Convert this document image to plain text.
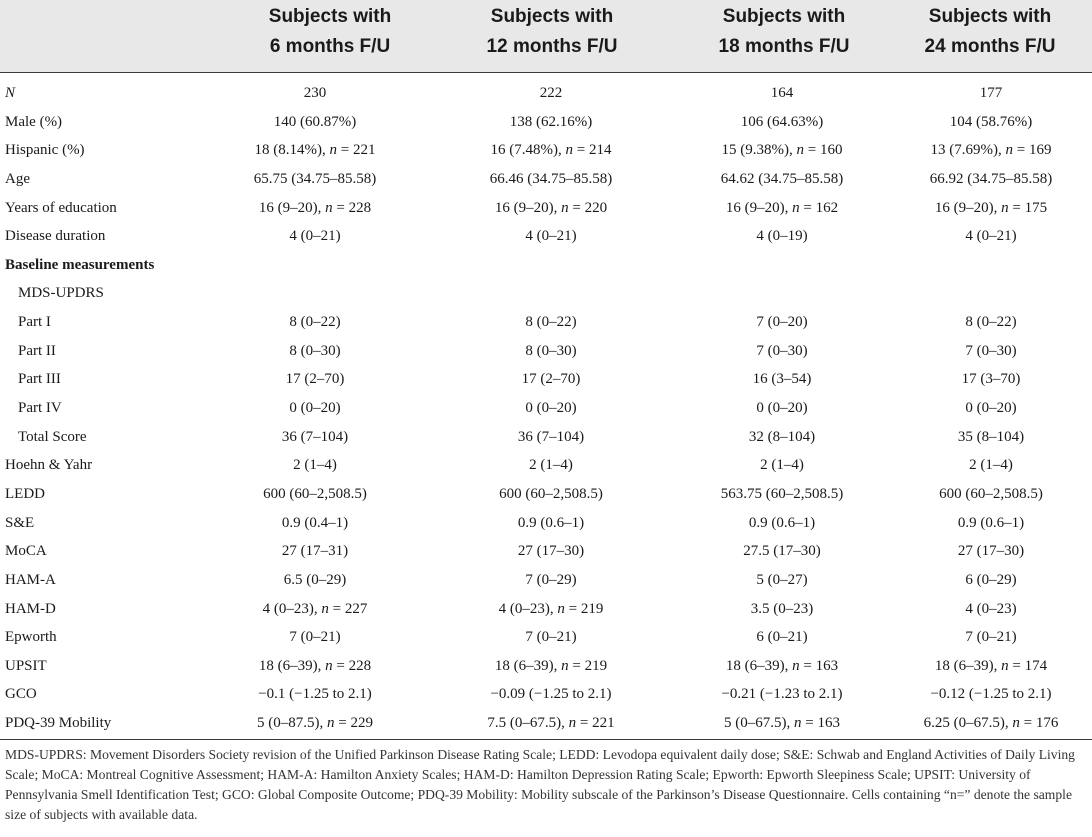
Subjects with
6 months F/U
Subjects with
12 months F/U
Subjects with
18 months F/U
Subjects with
24 months F/U
N	230	222	164	177
Male (%)	140 (60.87%)	138 (62.16%)	106 (64.63%)	104 (58.76%)
Hispanic (%)	18 (8.14%), n = 221	16 (7.48%), n = 214	15 (9.38%), n = 160	13 (7.69%), n = 169
Age	65.75 (34.75–85.58)	66.46 (34.75–85.58)	64.62 (34.75–85.58)	66.92 (34.75–85.58)
Years of education	16 (9–20), n = 228	16 (9–20), n = 220	16 (9–20), n = 162	16 (9–20), n = 175
Disease duration	4 (0–21)	4 (0–21)	4 (0–19)	4 (0–21)
Baseline measurements
MDS-UPDRS
Part I	8 (0–22)	8 (0–22)	7 (0–20)	8 (0–22)
Part II	8 (0–30)	8 (0–30)	7 (0–30)	7 (0–30)
Part III	17 (2–70)	17 (2–70)	16 (3–54)	17 (3–70)
Part IV	0 (0–20)	0 (0–20)	0 (0–20)	0 (0–20)
Total Score	36 (7–104)	36 (7–104)	32 (8–104)	35 (8–104)
Hoehn & Yahr	2 (1–4)	2 (1–4)	2 (1–4)	2 (1–4)
LEDD	600 (60–2,508.5)	600 (60–2,508.5)	563.75 (60–2,508.5)	600 (60–2,508.5)
S&E	0.9 (0.4–1)	0.9 (0.6–1)	0.9 (0.6–1)	0.9 (0.6–1)
MoCA	27 (17–31)	27 (17–30)	27.5 (17–30)	27 (17–30)
HAM-A	6.5 (0–29)	7 (0–29)	5 (0–27)	6 (0–29)
HAM-D	4 (0–23), n = 227	4 (0–23), n = 219	3.5 (0–23)	4 (0–23)
Epworth	7 (0–21)	7 (0–21)	6 (0–21)	7 (0–21)
UPSIT	18 (6–39), n = 228	18 (6–39), n = 219	18 (6–39), n = 163	18 (6–39), n = 174
GCO	−0.1 (−1.25 to 2.1)	−0.09 (−1.25 to 2.1)	−0.21 (−1.23 to 2.1)	−0.12 (−1.25 to 2.1)
PDQ-39 Mobility	5 (0–87.5), n = 229	7.5 (0–67.5), n = 221	5 (0–67.5), n = 163	6.25 (0–67.5), n = 176
MDS-UPDRS: Movement Disorders Society revision of the Unified Parkinson Disease Rating Scale; LEDD: Levodopa equivalent daily dose; S&E: Schwab and England Activities of Daily Living Scale; MoCA: Montreal Cognitive Assessment; HAM-A: Hamilton Anxiety Scales; HAM-D: Hamilton Depression Rating Scale; Epworth: Epworth Sleepiness Scale; UPSIT: University of Pennsylvania Smell Identification Test; GCO: Global Composite Outcome; PDQ-39 Mobility: Mobility subscale of the Parkinson’s Disease Questionnaire. Cells containing “n=” denote the sample size of subjects with available data.
